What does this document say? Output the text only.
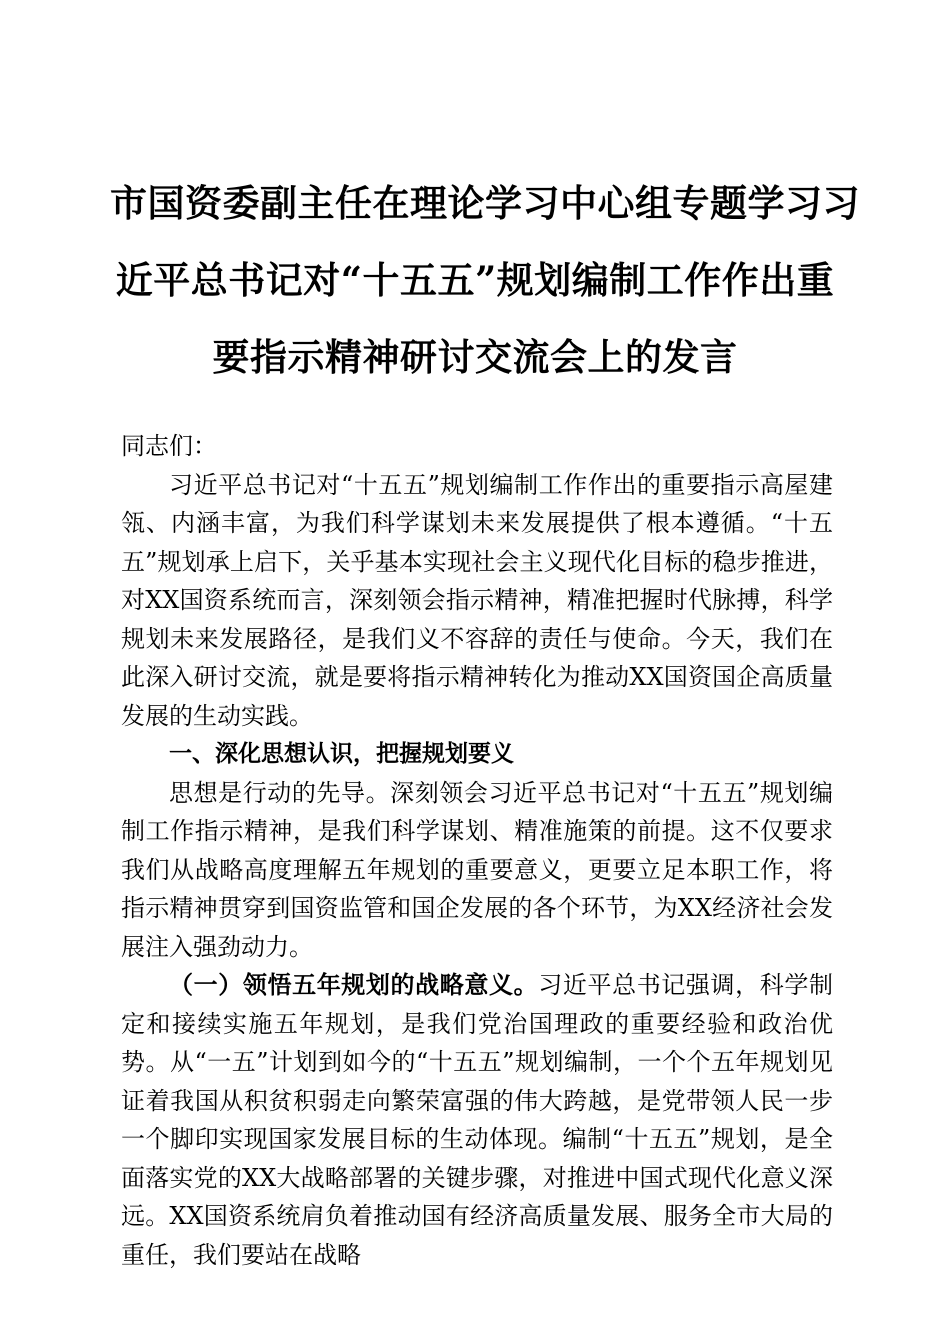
市国资委副主任在理论学习中心组专题学习习
近平总书记对“十五五”规划编制工作作出重
要指示精神研讨交流会上的发言

同志们：

习近平总书记对“十五五”规划编制工作作出的重要指示高屋建瓴、内涵丰富，为我们科学谋划未来发展提供了根本遵循。“十五五”规划承上启下，关乎基本实现社会主义现代化目标的稳步推进，对XX国资系统而言，深刻领会指示精神，精准把握时代脉搏，科学规划未来发展路径，是我们义不容辞的责任与使命。今天，我们在此深入研讨交流，就是要将指示精神转化为推动XX国资国企高质量发展的生动实践。

一、深化思想认识，把握规划要义

思想是行动的先导。深刻领会习近平总书记对“十五五”规划编制工作指示精神，是我们科学谋划、精准施策的前提。这不仅要求我们从战略高度理解五年规划的重要意义，更要立足本职工作，将指示精神贯穿到国资监管和国企发展的各个环节，为XX经济社会发展注入强劲动力。

（一）领悟五年规划的战略意义。习近平总书记强调，科学制定和接续实施五年规划，是我们党治国理政的重要经验和政治优势。从“一五”计划到如今的“十五五”规划编制，一个个五年规划见证着我国从积贫积弱走向繁荣富强的伟大跨越，是党带领人民一步一个脚印实现国家发展目标的生动体现。编制“十五五”规划，是全面落实党的XX大战略部署的关键步骤，对推进中国式现代化意义深远。XX国资系统肩负着推动国有经济高质量发展、服务全市大局的重任，我们要站在战略
